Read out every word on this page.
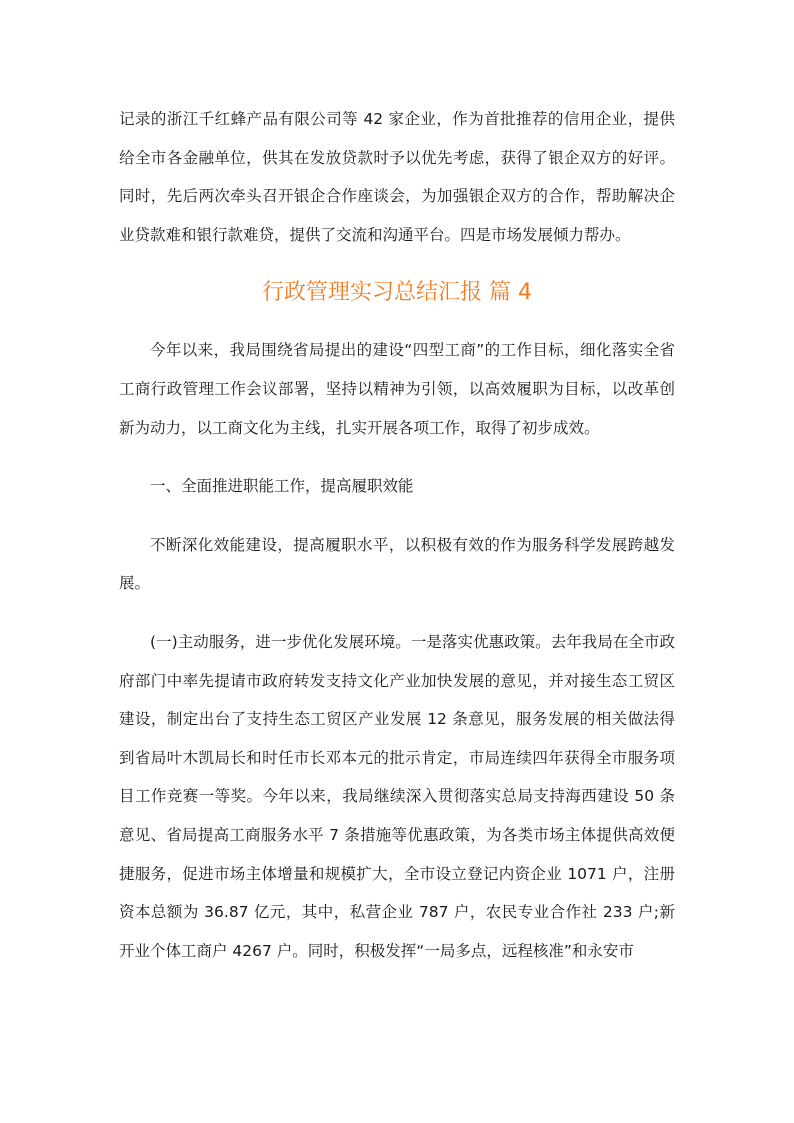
记录的浙江千红蜂产品有限公司等 42 家企业，作为首批推荐的信用企业，提供给全市各金融单位，供其在发放贷款时予以优先考虑，获得了银企双方的好评。同时，先后两次牵头召开银企合作座谈会，为加强银企双方的合作，帮助解决企业贷款难和银行款难贷，提供了交流和沟通平台。四是市场发展倾力帮办。

行政管理实习总结汇报 篇 4

今年以来，我局围绕省局提出的建设“四型工商”的工作目标，细化落实全省工商行政管理工作会议部署，坚持以精神为引领，以高效履职为目标，以改革创新为动力，以工商文化为主线，扎实开展各项工作，取得了初步成效。

一、全面推进职能工作，提高履职效能

不断深化效能建设，提高履职水平，以积极有效的作为服务科学发展跨越发展。

(一)主动服务，进一步优化发展环境。一是落实优惠政策。去年我局在全市政府部门中率先提请市政府转发支持文化产业加快发展的意见，并对接生态工贸区建设，制定出台了支持生态工贸区产业发展 12 条意见，服务发展的相关做法得到省局叶木凯局长和时任市长邓本元的批示肯定，市局连续四年获得全市服务项目工作竞赛一等奖。今年以来，我局继续深入贯彻落实总局支持海西建设 50 条意见、省局提高工商服务水平 7 条措施等优惠政策，为各类市场主体提供高效便捷服务，促进市场主体增量和规模扩大，全市设立登记内资企业 1071 户，注册资本总额为 36.87 亿元，其中，私营企业 787 户，农民专业合作社 233 户;新开业个体工商户 4267 户。同时，积极发挥“一局多点，远程核准”和永安市
